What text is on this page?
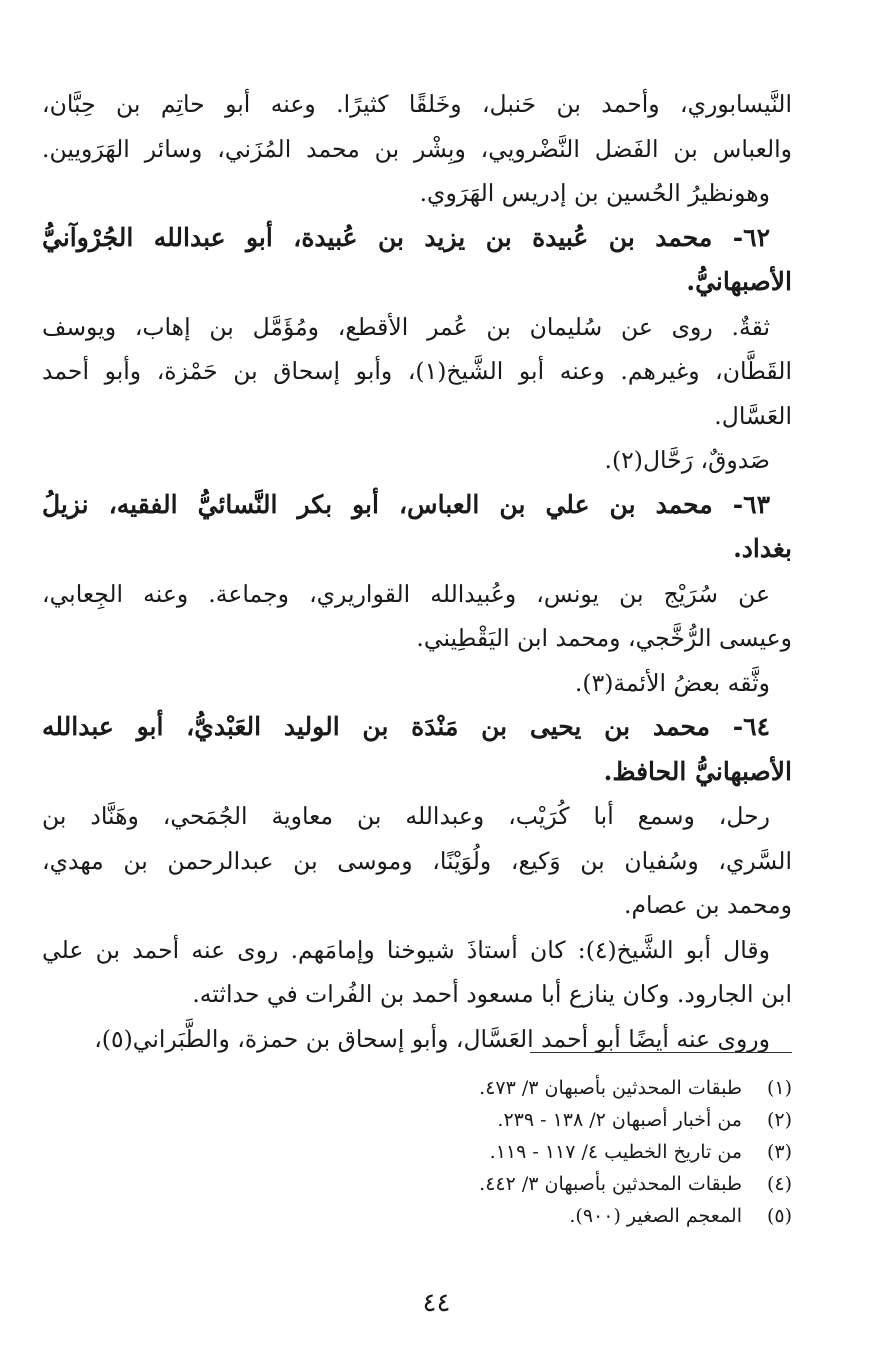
النَّيسابوري، وأحمد بن حَنبل، وخَلقًا كثيرًا. وعنه أبو حاتِم بن حِبَّان،
والعباس بن الفَضل النَّضْرويي، وبِشْر بن محمد المُزَني، وسائر الهَرَويين.
وهونظيرُ الحُسين بن إدريس الهَرَوي.
٦٢- محمد بن عُبيدة بن يزيد بن عُبيدة، أبو عبدالله الجُرْوآنيُّ
الأصبهانيُّ.
ثقةٌ. روى عن سُليمان بن عُمر الأقطع، ومُؤَمَّل بن إهاب، ويوسف
القَطَّان، وغيرهم. وعنه أبو الشَّيخ(١)، وأبو إسحاق بن حَمْزة، وأبو أحمد
العَسَّال.
صَدوقٌ، رَحَّال(٢).
٦٣- محمد بن علي بن العباس، أبو بكر النَّسائيُّ الفقيه، نزيلُ
بغداد.
عن سُرَيْج بن يونس، وعُبيدالله القواريري، وجماعة. وعنه الجِعابي،
وعيسى الرُّخَّجي، ومحمد ابن اليَقْطِيني.
وثَّقه بعضُ الأئمة(٣).
٦٤- محمد بن يحيى بن مَنْدَة بن الوليد العَبْديُّ، أبو عبدالله
الأصبهانيُّ الحافظ.
رحل، وسمع أبا كُرَيْب، وعبدالله بن معاوية الجُمَحي، وهَنَّاد بن
السَّري، وسُفيان بن وَكيع، ولُوَيْنًا، وموسى بن عبدالرحمن بن مهدي،
ومحمد بن عصام.
وقال أبو الشَّيخ(٤): كان أستاذَ شيوخنا وإمامَهم. روى عنه أحمد بن علي
ابن الجارود. وكان ينازع أبا مسعود أحمد بن الفُرات في حداثته.
وروى عنه أيضًا أبو أحمد العَسَّال، وأبو إسحاق بن حمزة، والطَّبَراني(٥)،
(١)
طبقات المحدثين بأصبهان ٣/ ٤٧٣.
(٢)
من أخبار أصبهان ٢/ ١٣٨ - ٢٣٩.
(٣)
من تاريخ الخطيب ٤/ ١١٧ - ١١٩.
(٤)
طبقات المحدثين بأصبهان ٣/ ٤٤٢.
(٥)
المعجم الصغير (٩٠٠).
٤٤
